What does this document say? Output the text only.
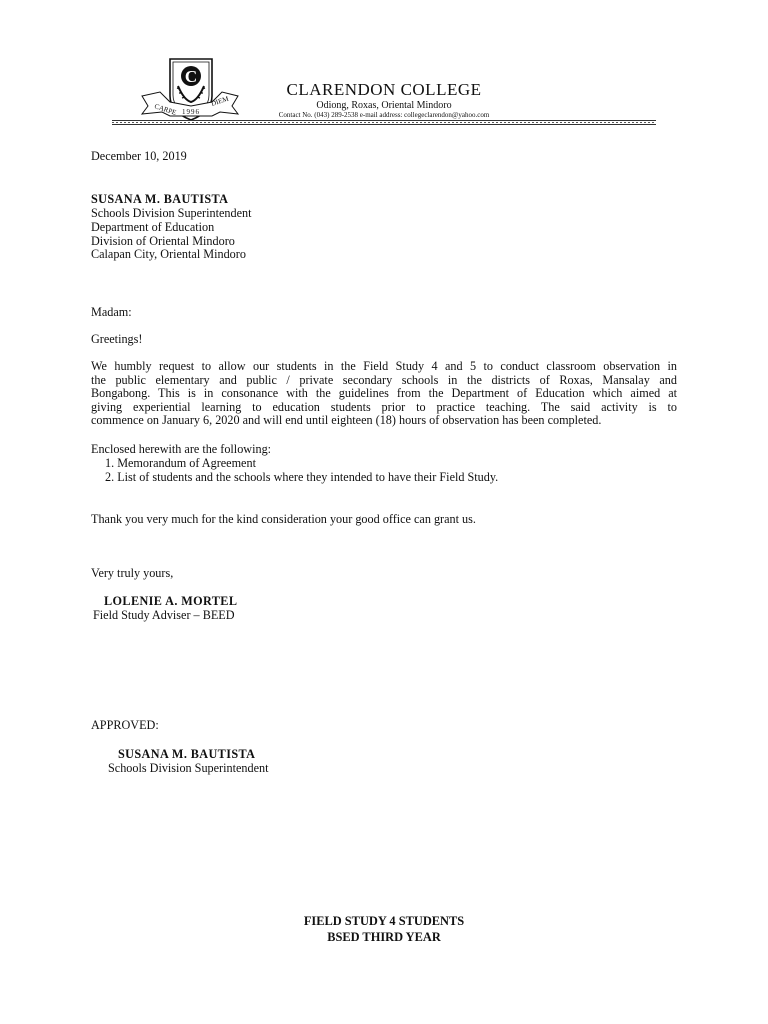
C
CARPE
DIEM
1996
CLARENDON COLLEGE
Odiong, Roxas, Oriental Mindoro
Contact No. (043) 289-2538 e-mail address: collegeclarendon@yahoo.com
December 10, 2019
SUSANA M. BAUTISTA
Schools Division Superintendent
Department of Education
Division of Oriental Mindoro
Calapan City, Oriental Mindoro
Madam:
Greetings!
We humbly request to allow our students in the Field Study 4 and 5 to conduct classroom observation in
the public elementary and public / private secondary schools in the districts of Roxas, Mansalay and
Bongabong. This is in consonance with the guidelines from the Department of Education which aimed at
giving experiential learning to education students prior to practice teaching. The said activity is to
commence on January 6, 2020 and will end until eighteen (18) hours of observation has been completed.
Enclosed herewith are the following:
1. Memorandum of Agreement
2. List of students and the schools where they intended to have their Field Study.
Thank you very much for the kind consideration your good office can grant us.
Very truly yours,
LOLENIE A. MORTEL
Field Study Adviser – BEED
APPROVED:
SUSANA M. BAUTISTA
Schools Division Superintendent
FIELD STUDY 4 STUDENTS
BSED THIRD YEAR
